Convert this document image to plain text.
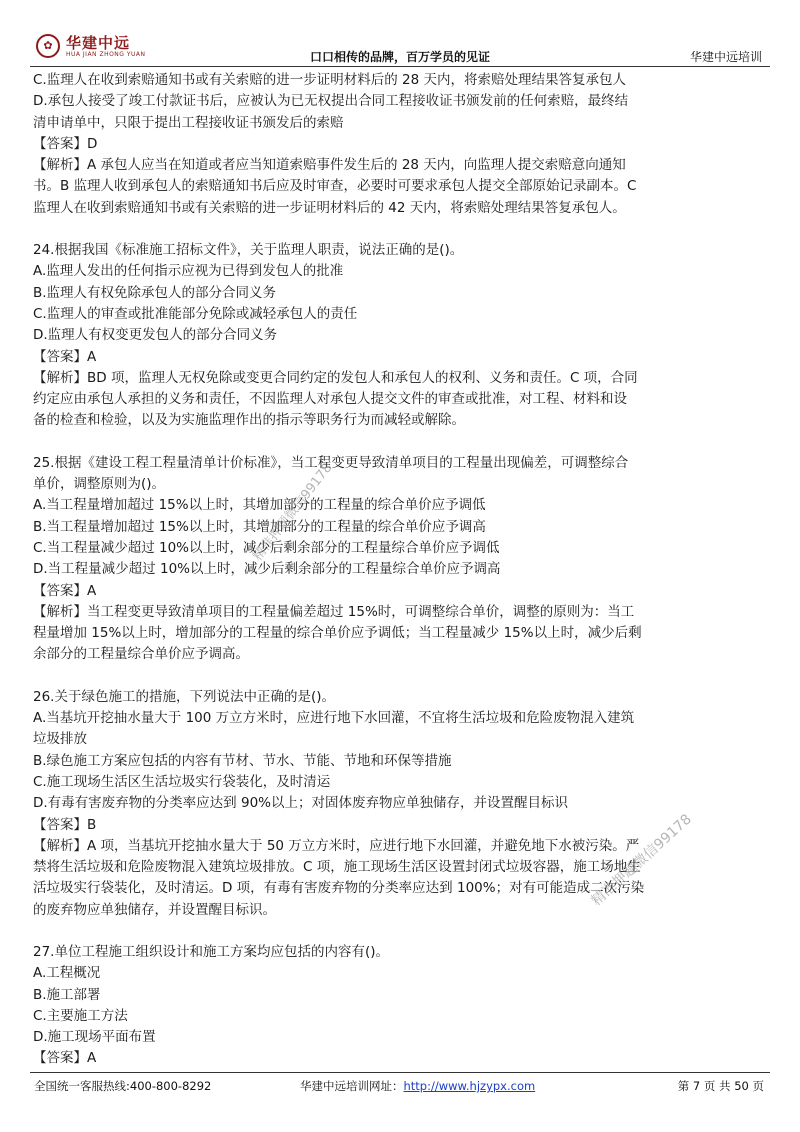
✿ 华建中远
HUA JIAN ZHONG YUAN	口口相传的品牌，百万学员的见证	华建中远培训

C.监理人在收到索赔通知书或有关索赔的进一步证明材料后的 28 天内，将索赔处理结果答复承包人

D.承包人接受了竣工付款证书后，应被认为已无权提出合同工程接收证书颁发前的任何索赔，最终结

清申请单中，只限于提出工程接收证书颁发后的索赔

【答案】D

【解析】A 承包人应当在知道或者应当知道索赔事件发生后的 28 天内，向监理人提交索赔意向通知

书。B 监理人收到承包人的索赔通知书后应及时审查，必要时可要求承包人提交全部原始记录副本。C

监理人在收到索赔通知书或有关索赔的进一步证明材料后的 42 天内，将索赔处理结果答复承包人。

24.根据我国《标准施工招标文件》，关于监理人职责，说法正确的是()。

A.监理人发出的任何指示应视为已得到发包人的批准

B.监理人有权免除承包人的部分合同义务

C.监理人的审查或批准能部分免除或减轻承包人的责任

D.监理人有权变更发包人的部分合同义务

【答案】A

【解析】BD 项，监理人无权免除或变更合同约定的发包人和承包人的权利、义务和责任。C 项，合同

约定应由承包人承担的义务和责任，不因监理人对承包人提交文件的审查或批准，对工程、材料和设

备的检查和检验，以及为实施监理作出的指示等职务行为而减轻或解除。

25.根据《建设工程工程量清单计价标准》，当工程变更导致清单项目的工程量出现偏差，可调整综合

单价，调整原则为()。

A.当工程量增加超过 15%以上时，其增加部分的工程量的综合单价应予调低

B.当工程量增加超过 15%以上时，其增加部分的工程量的综合单价应予调高

C.当工程量减少超过 10%以上时，减少后剩余部分的工程量综合单价应予调低

D.当工程量减少超过 10%以上时，减少后剩余部分的工程量综合单价应予调高

【答案】A

【解析】当工程变更导致清单项目的工程量偏差超过 15%时，可调整综合单价，调整的原则为：当工

程量增加 15%以上时，增加部分的工程量的综合单价应予调低；当工程量减少 15%以上时，减少后剩

余部分的工程量综合单价应予调高。

26.关于绿色施工的措施，下列说法中正确的是()。

A.当基坑开挖抽水量大于 100 万立方米时，应进行地下水回灌，不宜将生活垃圾和危险废物混入建筑

垃圾排放

B.绿色施工方案应包括的内容有节材、节水、节能、节地和环保等措施

C.施工现场生活区生活垃圾实行袋装化，及时清运

D.有毒有害废弃物的分类率应达到 90%以上；对固体废弃物应单独储存，并设置醒目标识

【答案】B

【解析】A 项，当基坑开挖抽水量大于 50 万立方米时，应进行地下水回灌，并避免地下水被污染。严

禁将生活垃圾和危险废物混入建筑垃圾排放。C 项，施工现场生活区设置封闭式垃圾容器，施工场地生

活垃圾实行袋装化，及时清运。D 项，有毒有害废弃物的分类率应达到 100%；对有可能造成二次污染

的废弃物应单独储存，并设置醒目标识。

27.单位工程施工组织设计和施工方案均应包括的内容有()。

A.工程概况

B.施工部署

C.主要施工方法

D.施工现场平面布置

【答案】A

精准押题微信99178
精准押题微信99178
全国统一客服热线:400-800-8292	华建中远培训网址：http://www.hjzypx.com	第 7 页 共 50 页
